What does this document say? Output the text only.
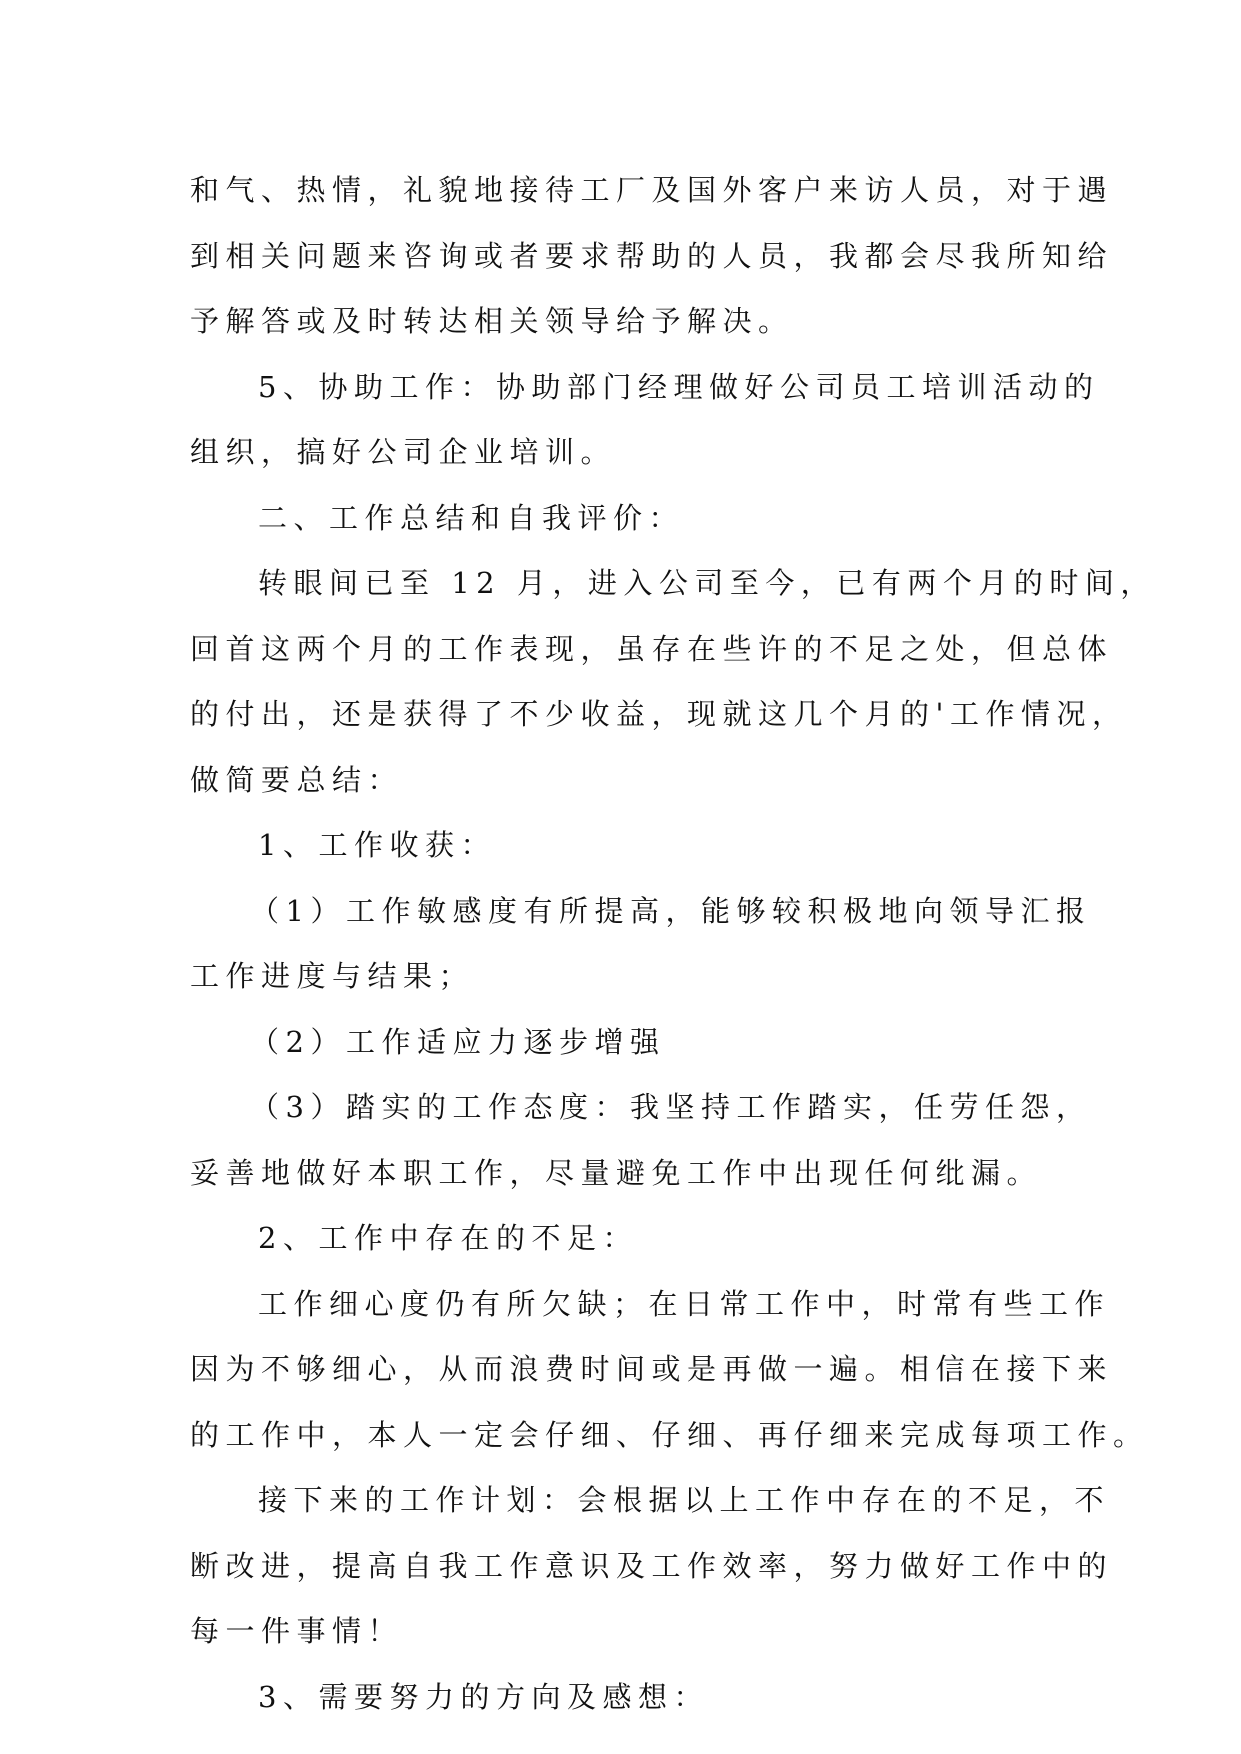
和气、热情，礼貌地接待工厂及国外客户来访人员，对于遇
到相关问题来咨询或者要求帮助的人员，我都会尽我所知给
予解答或及时转达相关领导给予解决。
5、协助工作：协助部门经理做好公司员工培训活动的
组织，搞好公司企业培训。
二、工作总结和自我评价：
转眼间已至 12 月，进入公司至今，已有两个月的时间，
回首这两个月的工作表现，虽存在些许的不足之处，但总体
的付出，还是获得了不少收益，现就这几个月的'工作情况，
做简要总结：
1、工作收获：
（1）工作敏感度有所提高，能够较积极地向领导汇报
工作进度与结果；
（2）工作适应力逐步增强
（3）踏实的工作态度：我坚持工作踏实，任劳任怨，
妥善地做好本职工作，尽量避免工作中出现任何纰漏。
2、工作中存在的不足：
工作细心度仍有所欠缺；在日常工作中，时常有些工作
因为不够细心，从而浪费时间或是再做一遍。相信在接下来
的工作中，本人一定会仔细、仔细、再仔细来完成每项工作。
接下来的工作计划：会根据以上工作中存在的不足，不
断改进，提高自我工作意识及工作效率，努力做好工作中的
每一件事情！
3、需要努力的方向及感想：
